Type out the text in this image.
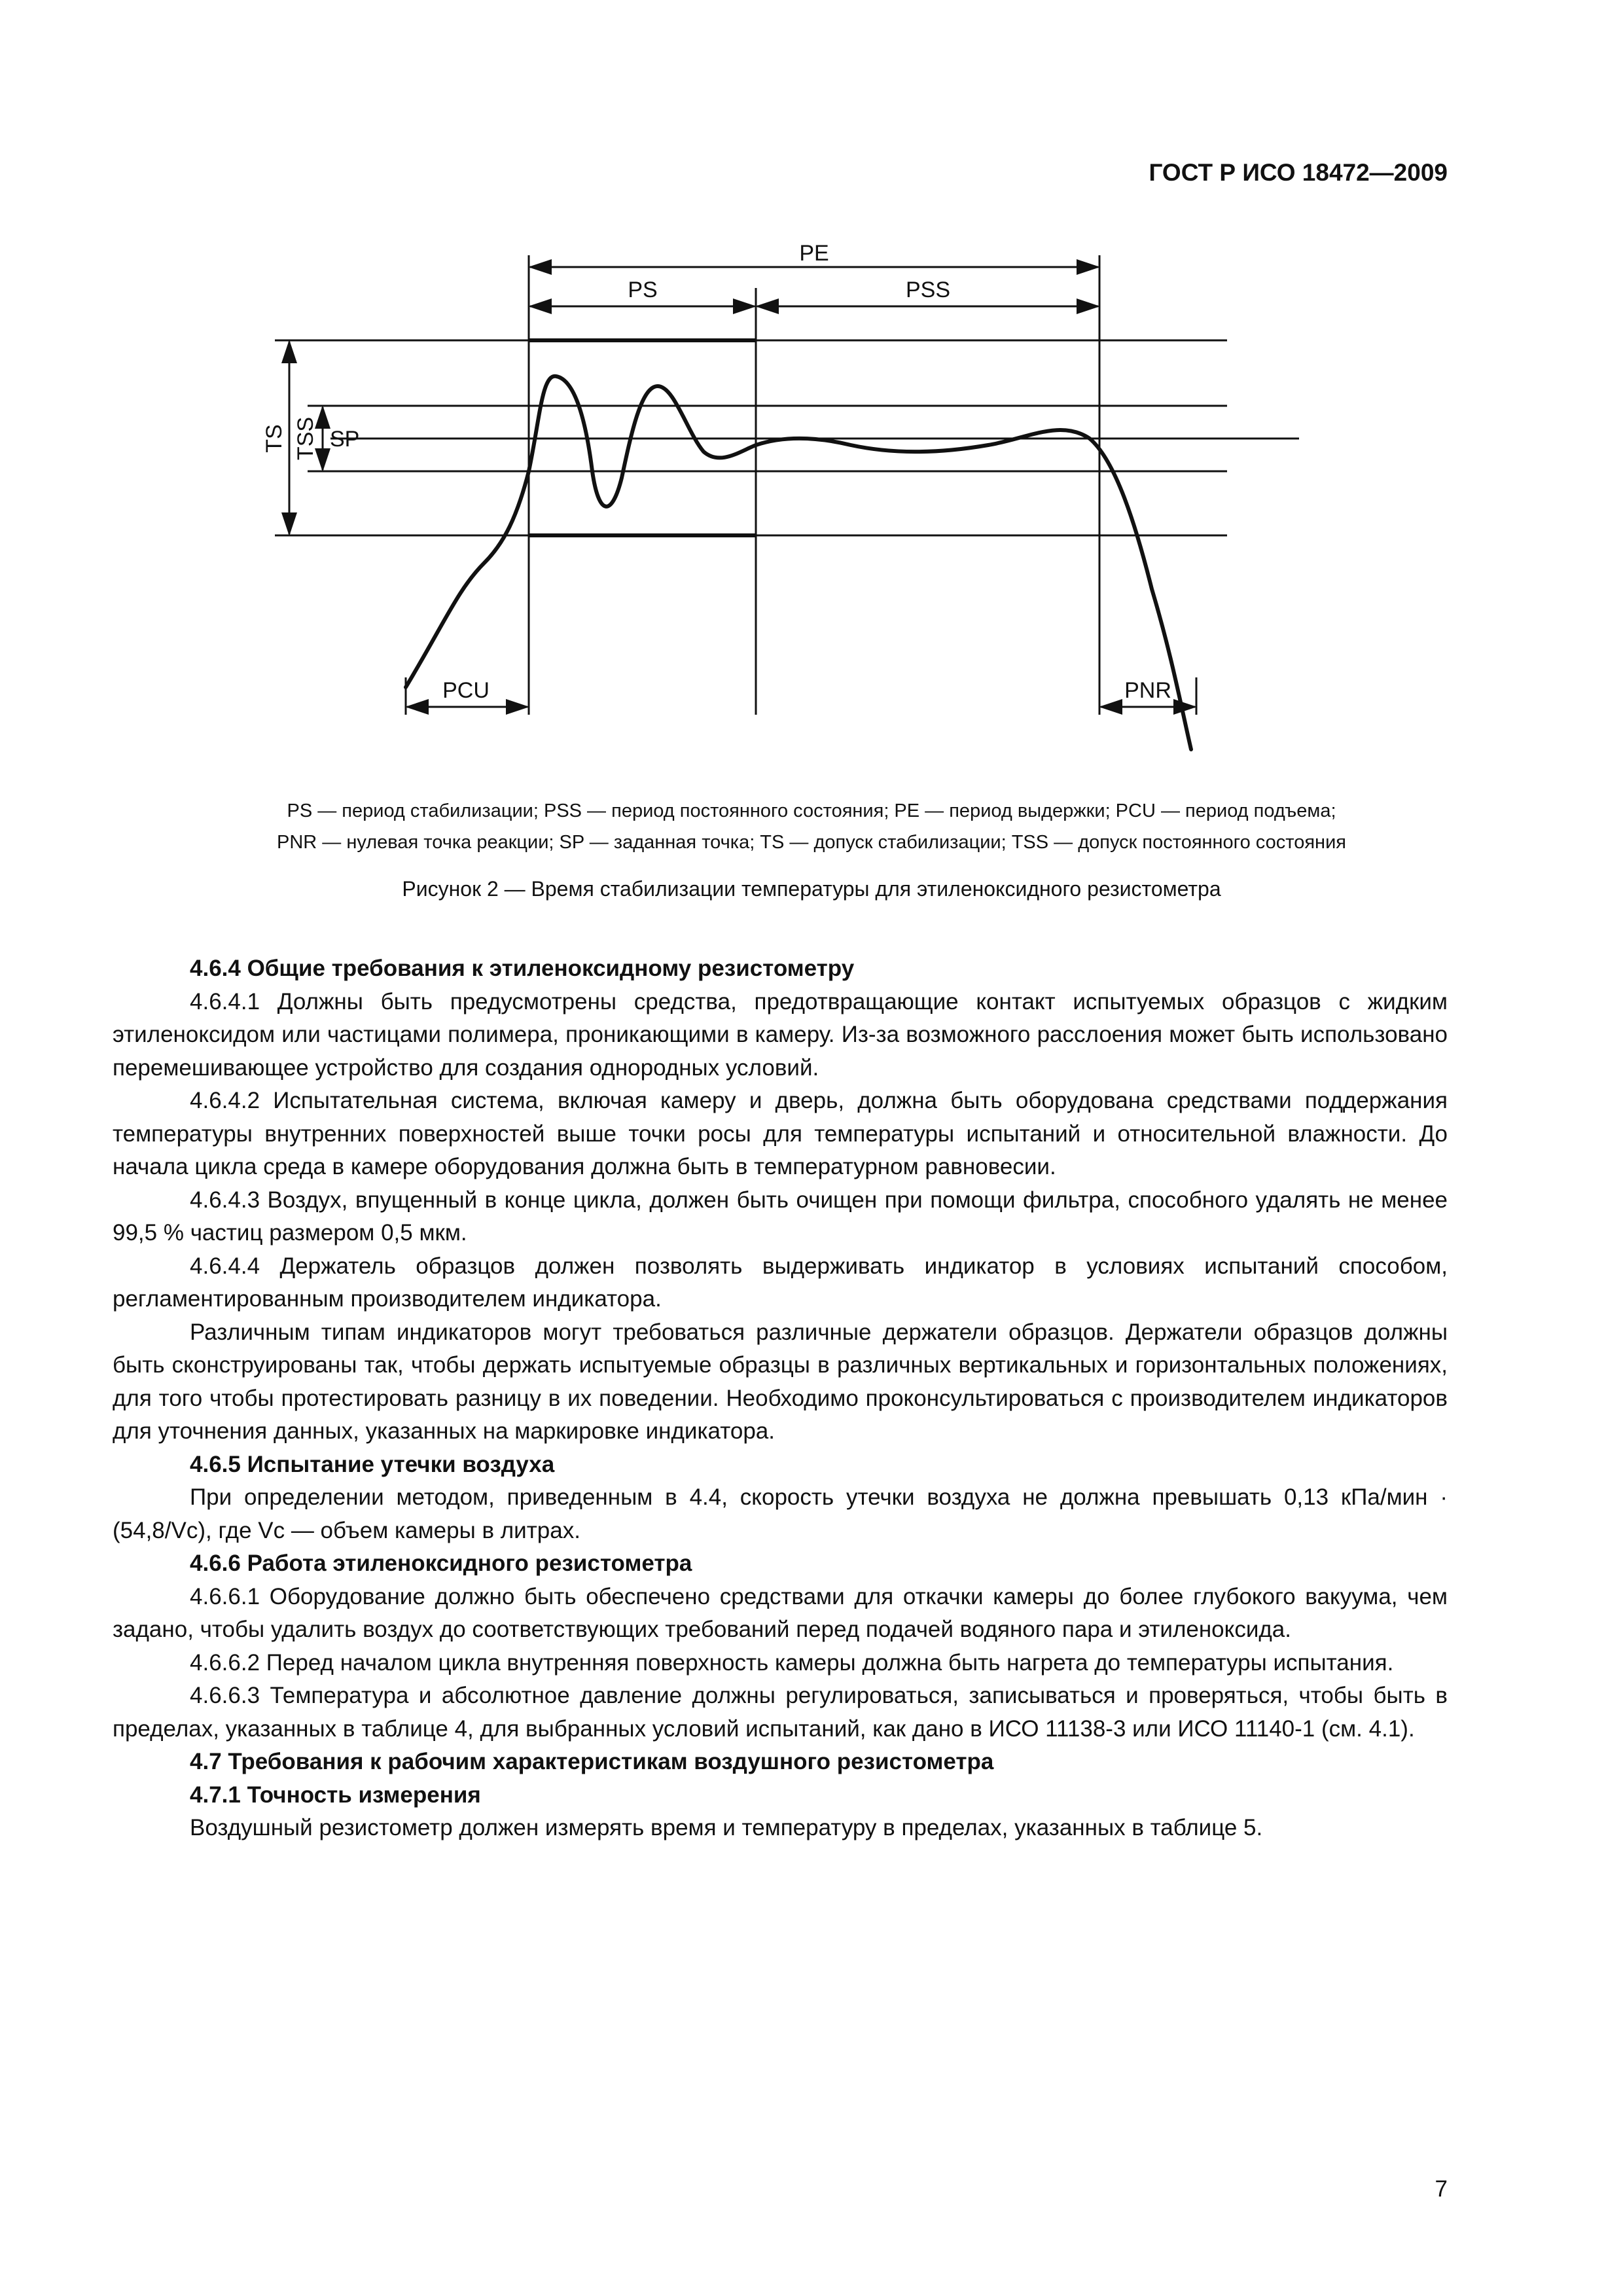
ГОСТ Р ИСО 18472—2009
PE
PS	PSS
TS TSS SP
PCU	PNR

PS — период стабилизации; PSS — период постоянного состояния; PE — период выдержки; PCU — период подъема;

PNR — нулевая точка реакции; SP — заданная точка; TS — допуск стабилизации; TSS — допуск постоянного состояния

Рисунок 2 — Время стабилизации температуры для этиленоксидного резистометра

4.6.4 Общие требования к этиленоксидному резистометру

4.6.4.1 Должны быть предусмотрены средства, предотвращающие контакт испытуемых образцов с жидким этиленоксидом или частицами полимера, проникающими в камеру. Из-за возможного расслоения может быть использовано перемешивающее устройство для создания однородных условий.

4.6.4.2 Испытательная система, включая камеру и дверь, должна быть оборудована средствами поддержания температуры внутренних поверхностей выше точки росы для температуры испытаний и относительной влажности. До начала цикла среда в камере оборудования должна быть в температурном равновесии.

4.6.4.3 Воздух, впущенный в конце цикла, должен быть очищен при помощи фильтра, способного удалять не менее 99,5 % частиц размером 0,5 мкм.

4.6.4.4 Держатель образцов должен позволять выдерживать индикатор в условиях испытаний способом, регламентированным производителем индикатора.

Различным типам индикаторов могут требоваться различные держатели образцов. Держатели образцов должны быть сконструированы так, чтобы держать испытуемые образцы в различных вертикальных и горизонтальных положениях, для того чтобы протестировать разницу в их поведении. Необходимо проконсультироваться с производителем индикаторов для уточнения данных, указанных на маркировке индикатора.

4.6.5 Испытание утечки воздуха

При определении методом, приведенным в 4.4, скорость утечки воздуха не должна превышать 0,13 кПа/мин · (54,8/Vc), где Vc — объем камеры в литрах.

4.6.6 Работа этиленоксидного резистометра

4.6.6.1 Оборудование должно быть обеспечено средствами для откачки камеры до более глубокого вакуума, чем задано, чтобы удалить воздух до соответствующих требований перед подачей водяного пара и этиленоксида.

4.6.6.2 Перед началом цикла внутренняя поверхность камеры должна быть нагрета до температуры испытания.

4.6.6.3 Температура и абсолютное давление должны регулироваться, записываться и проверяться, чтобы быть в пределах, указанных в таблице 4, для выбранных условий испытаний, как дано в ИСО 11138-3 или ИСО 11140-1 (см. 4.1).

4.7 Требования к рабочим характеристикам воздушного резистометра

4.7.1 Точность измерения

Воздушный резистометр должен измерять время и температуру в пределах, указанных в таблице 5.

7
